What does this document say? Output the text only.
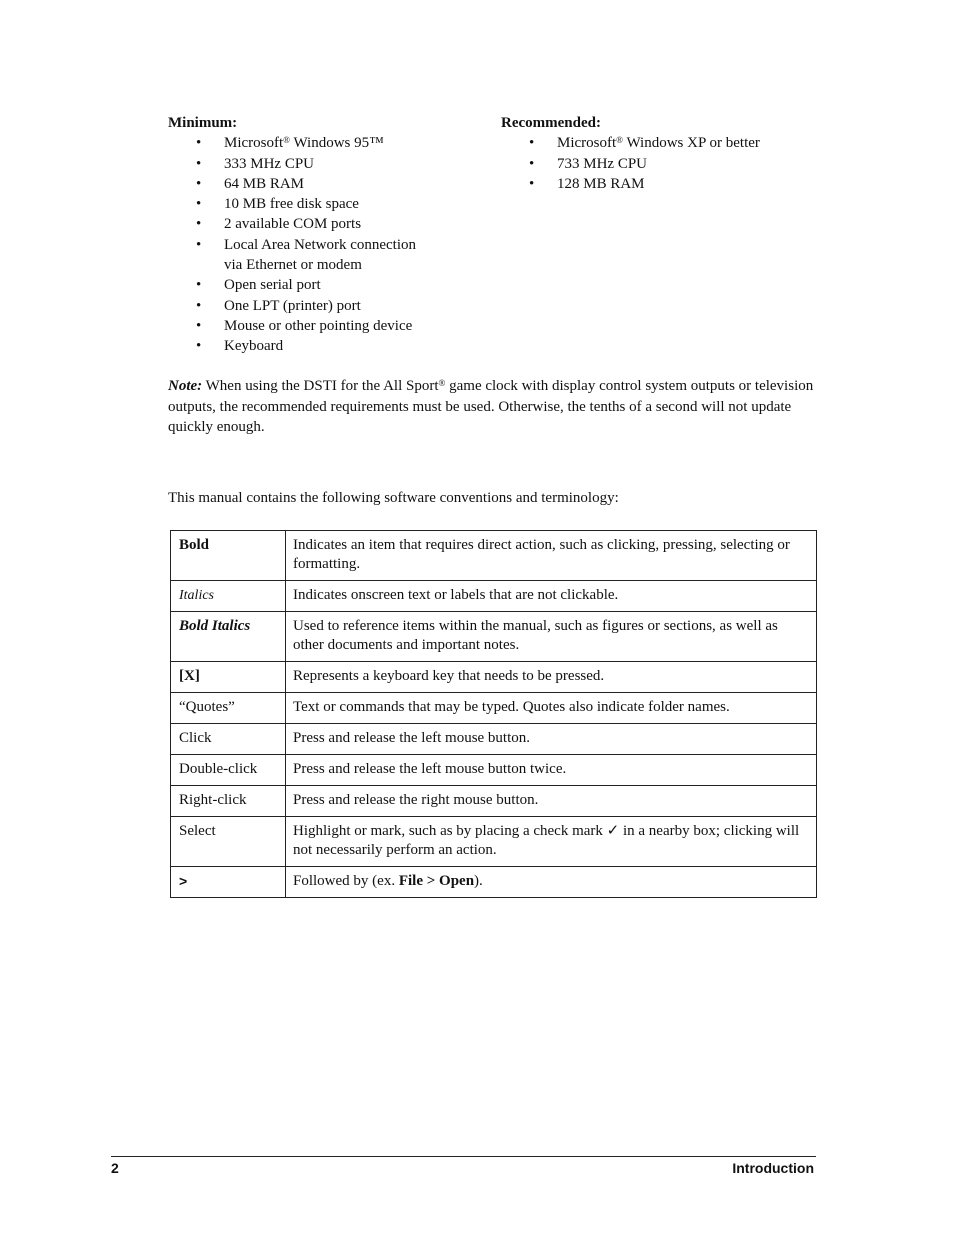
Minimum:
• Microsoft® Windows 95™
• 333 MHz CPU
• 64 MB RAM
• 10 MB free disk space
• 2 available COM ports
• Local Area Network connection
via Ethernet or modem
• Open serial port
• One LPT (printer) port
• Mouse or other pointing device
• Keyboard
Recommended:
• Microsoft® Windows XP or better
• 733 MHz CPU
• 128 MB RAM

Note: When using the DSTI for the All Sport® game clock with display control system outputs or television outputs, the recommended requirements must be used. Otherwise, the tenths of a second will not update quickly enough.

This manual contains the following software conventions and terminology:
Bold	Indicates an item that requires direct action, such as clicking, pressing, selecting or formatting.
Italics	Indicates onscreen text or labels that are not clickable.
Bold Italics	Used to reference items within the manual, such as figures or sections, as well as other documents and important notes.
[X]	Represents a keyboard key that needs to be pressed.
“Quotes”	Text or commands that may be typed. Quotes also indicate folder names.
Click	Press and release the left mouse button.
Double-click	Press and release the left mouse button twice.
Right-click	Press and release the right mouse button.
Select	Highlight or mark, such as by placing a check mark ✓ in a nearby box; clicking will not necessarily perform an action.
>	Followed by (ex. File > Open).
2	Introduction
